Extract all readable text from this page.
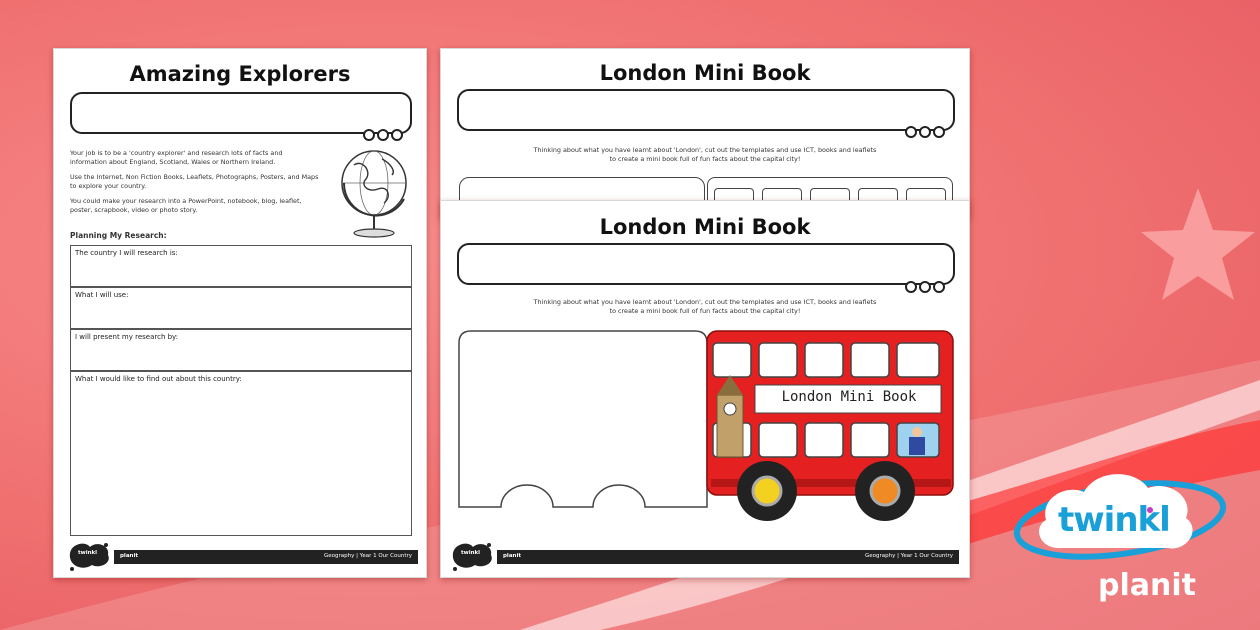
Amazing Explorers
Your job is to be a 'country explorer' and research lots of facts and information about England, Scotland, Wales or Northern Ireland.
Use the Internet, Non Fiction Books, Leaflets, Photographs, Posters, and Maps to explore your country.
You could make your research into a PowerPoint, notebook, blog, leaflet, poster, scrapbook, video or photo story.
Planning My Research:
The country I will research is:
What I will use:
I will present my research by:
What I would like to find out about this country:
twinkl	planit	Geography | Year 1 Our Country
London Mini Book
Thinking about what you have learnt about 'London', cut out the templates and use ICT, books and leaflets
to create a mini book full of fun facts about the capital city!
London Mini Book
Thinking about what you have learnt about 'London', cut out the templates and use ICT, books and leaflets
to create a mini book full of fun facts about the capital city!
London Mini Book
twinkl	planit	Geography | Year 1 Our Country
twinkl
planit
